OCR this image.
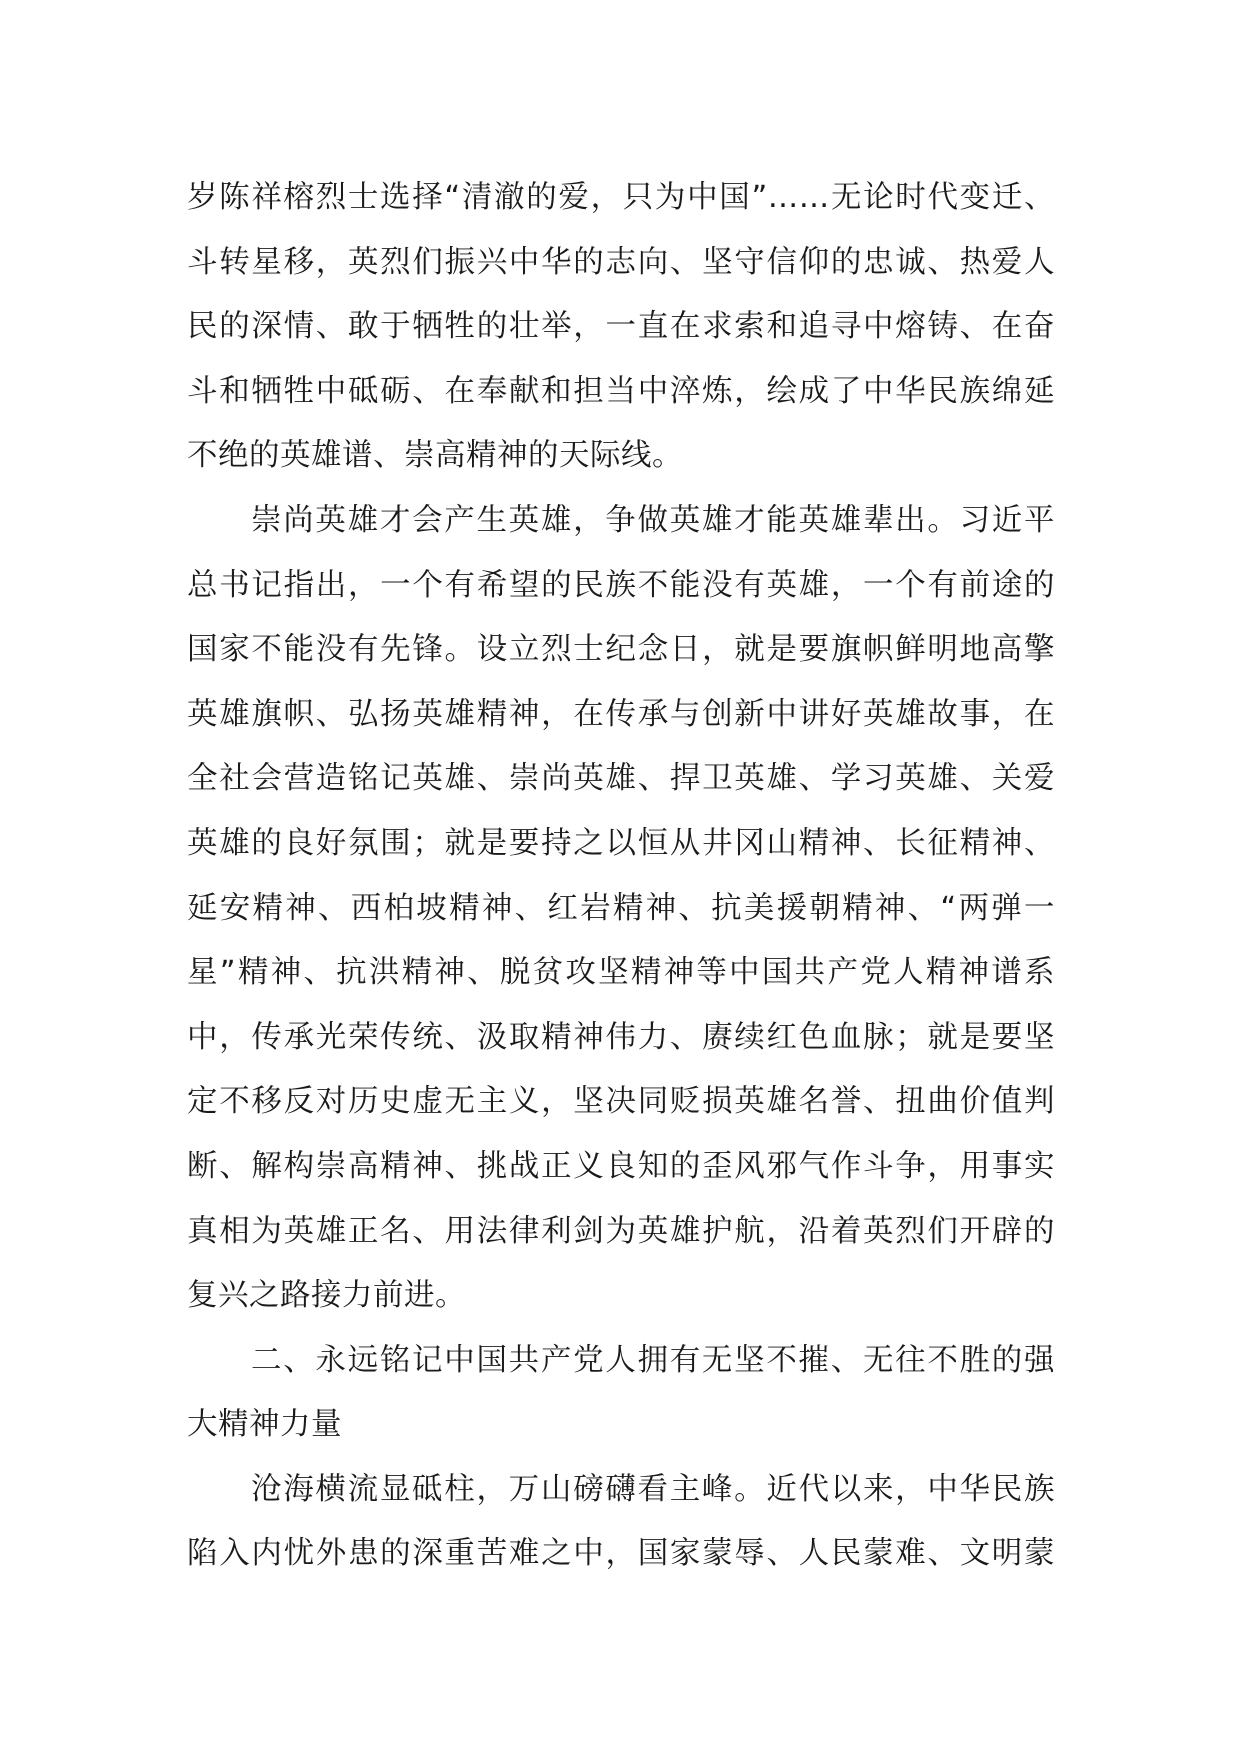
岁陈祥榕烈士选择“清澈的爱，只为中国”……无论时代变迁、
斗转星移，英烈们振兴中华的志向、坚守信仰的忠诚、热爱人
民的深情、敢于牺牲的壮举，一直在求索和追寻中熔铸、在奋
斗和牺牲中砥砺、在奉献和担当中淬炼，绘成了中华民族绵延
不绝的英雄谱、崇高精神的天际线。
崇尚英雄才会产生英雄，争做英雄才能英雄辈出。习近平
总书记指出，一个有希望的民族不能没有英雄，一个有前途的
国家不能没有先锋。设立烈士纪念日，就是要旗帜鲜明地高擎
英雄旗帜、弘扬英雄精神，在传承与创新中讲好英雄故事，在
全社会营造铭记英雄、崇尚英雄、捍卫英雄、学习英雄、关爱
英雄的良好氛围；就是要持之以恒从井冈山精神、长征精神、
延安精神、西柏坡精神、红岩精神、抗美援朝精神、“两弹一
星”精神、抗洪精神、脱贫攻坚精神等中国共产党人精神谱系
中，传承光荣传统、汲取精神伟力、赓续红色血脉；就是要坚
定不移反对历史虚无主义，坚决同贬损英雄名誉、扭曲价值判
断、解构崇高精神、挑战正义良知的歪风邪气作斗争，用事实
真相为英雄正名、用法律利剑为英雄护航，沿着英烈们开辟的
复兴之路接力前进。
二、永远铭记中国共产党人拥有无坚不摧、无往不胜的强
大精神力量
沧海横流显砥柱，万山磅礴看主峰。近代以来，中华民族
陷入内忧外患的深重苦难之中，国家蒙辱、人民蒙难、文明蒙
